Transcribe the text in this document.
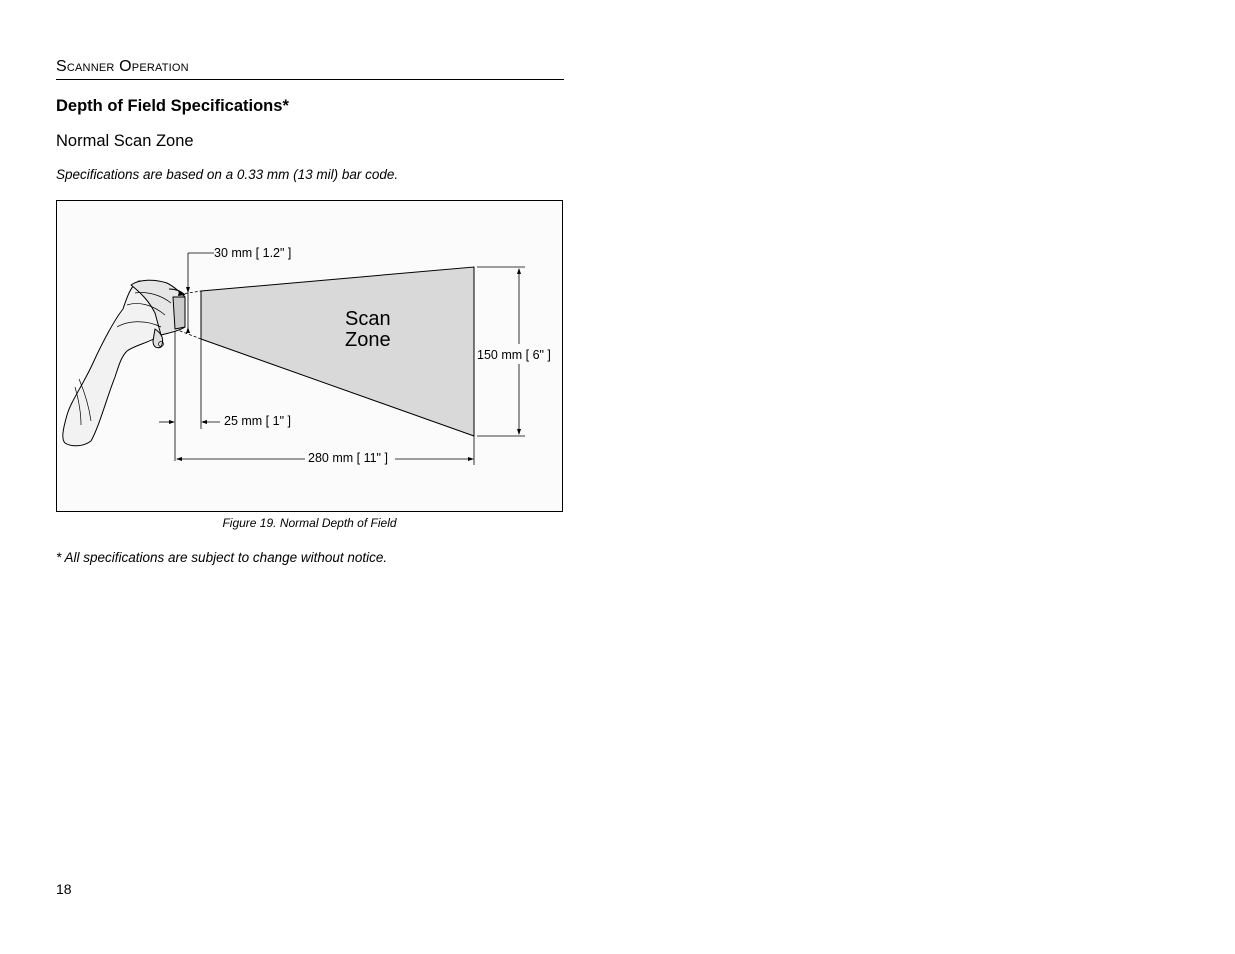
Scanner Operation
Depth of Field Specifications*
Normal Scan Zone
Specifications are based on a 0.33 mm (13 mil) bar code.
30 mm [ 1.2" ]
150 mm [ 6" ]
25 mm [ 1" ]
280 mm [ 11" ]
Scan
Zone
Figure 19. Normal Depth of Field
* All specifications are subject to change without notice.
18
